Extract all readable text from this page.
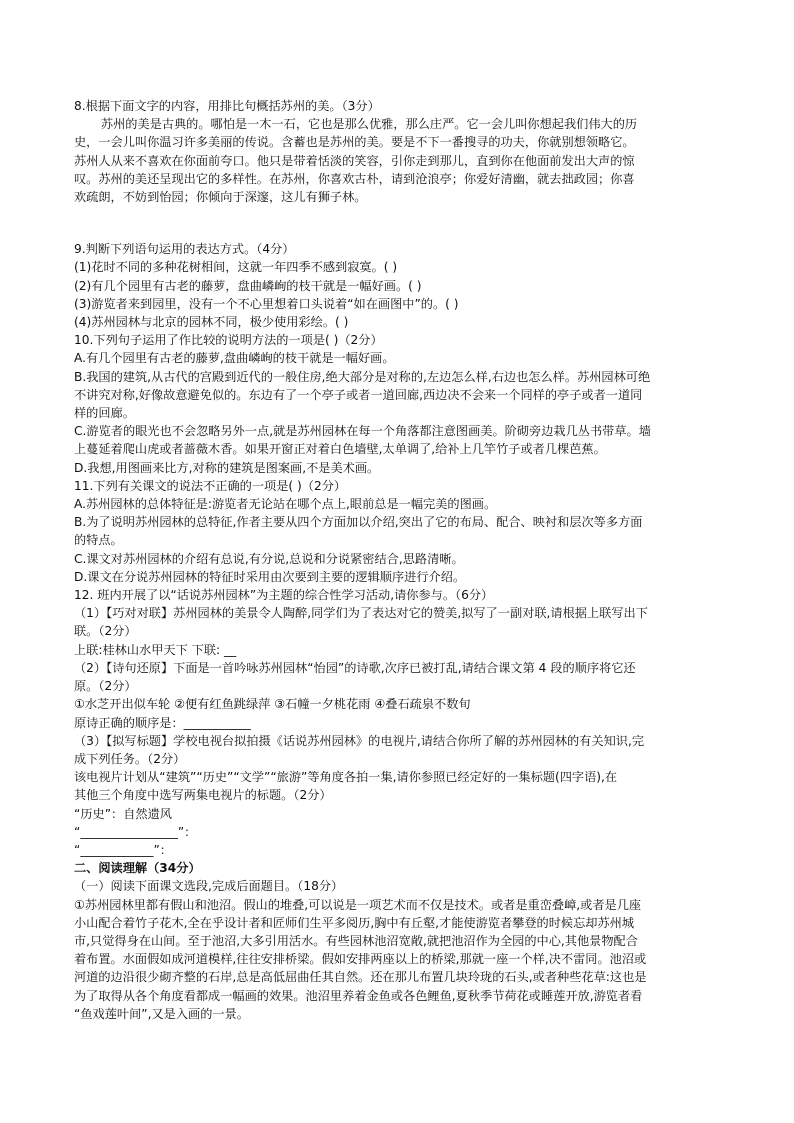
8.根据下面文字的内容，用排比句概括苏州的美。（3分）
苏州的美是古典的。哪怕是一木一石，它也是那么优雅，那么庄严。它一会儿叫你想起我们伟大的历
史，一会儿叫你温习许多美丽的传说。含蓄也是苏州的美。要是不下一番搜寻的功夫，你就别想领略它。
苏州人从来不喜欢在你面前夸口。他只是带着恬淡的笑容，引你走到那儿，直到你在他面前发出大声的惊
叹。苏州的美还呈现出它的多样性。在苏州，你喜欢古朴，请到沧浪亭；你爱好清幽，就去拙政园；你喜
欢疏朗，不妨到怡园；你倾向于深邃，这儿有狮子林。
9.判断下列语句运用的表达方式。（4分）
(1)花时不同的多种花树相间，这就一年四季不感到寂寞。( )
(2)有几个园里有古老的藤萝，盘曲嶙峋的枝干就是一幅好画。( )
(3)游览者来到园里，没有一个不心里想着口头说着“如在画图中”的。( )
(4)苏州园林与北京的园林不同，极少使用彩绘。( )
10.下列句子运用了作比较的说明方法的一项是( )（2分）
A.有几个园里有古老的藤萝,盘曲嶙峋的枝干就是一幅好画。
B.我国的建筑,从古代的宫殿到近代的一般住房,绝大部分是对称的,左边怎么样,右边也怎么样。苏州园林可绝
不讲究对称,好像故意避免似的。东边有了一个亭子或者一道回廊,西边决不会来一个同样的亭子或者一道同
样的回廊。
C.游览者的眼光也不会忽略另外一点,就是苏州园林在每一个角落都注意图画美。阶砌旁边栽几丛书带草。墙
上蔓延着爬山虎或者蔷薇木香。如果开窗正对着白色墙壁,太单调了,给补上几竿竹子或者几棵芭蕉。
D.我想,用图画来比方,对称的建筑是图案画,不是美术画。
11.下列有关课文的说法不正确的一项是( )（2分）
A.苏州园林的总体特征是:游览者无论站在哪个点上,眼前总是一幅完美的图画。
B.为了说明苏州园林的总特征,作者主要从四个方面加以介绍,突出了它的布局、配合、映衬和层次等多方面
的特点。
C.课文对苏州园林的介绍有总说,有分说,总说和分说紧密结合,思路清晰。
D.课文在分说苏州园林的特征时采用由次要到主要的逻辑顺序进行介绍。
12. 班内开展了以“话说苏州园林”为主题的综合性学习活动,请你参与。（6分）
（1）【巧对对联】苏州园林的美景令人陶醉,同学们为了表达对它的赞美,拟写了一副对联,请根据上联写出下
联。（2分）
上联:桂林山水甲天下 下联: __
（2）【诗句还原】下面是一首吟咏苏州园林“怡园”的诗歌,次序已被打乱,请结合课文第 4 段的顺序将它还
原。（2分）
①水芝开出似车轮 ②便有红鱼跳绿萍 ③石幢一夕桃花雨 ④叠石疏泉不数旬
原诗正确的顺序是：___________
（3）【拟写标题】学校电视台拟拍摄《话说苏州园林》的电视片,请结合你所了解的苏州园林的有关知识,完
成下列任务。（2分）
该电视片计划从“建筑”“历史”“文学”“旅游”等角度各拍一集,请你参照已经定好的一集标题(四字语),在
其他三个角度中选写两集电视片的标题。（2分）
“历史”：自然遗风
“________________”：
“____________”：
二、阅读理解（34分）
（一）阅读下面课文选段,完成后面题目。（18分）
①苏州园林里都有假山和池沼。假山的堆叠,可以说是一项艺术而不仅是技术。或者是重峦叠嶂,或者是几座
小山配合着竹子花木,全在乎设计者和匠师们生平多阅历,胸中有丘壑,才能使游览者攀登的时候忘却苏州城
市,只觉得身在山间。至于池沼,大多引用活水。有些园林池沼宽敞,就把池沼作为全园的中心,其他景物配合
着布置。水面假如成河道模样,往往安排桥梁。假如安排两座以上的桥梁,那就一座一个样,决不雷同。池沼或
河道的边沿很少砌齐整的石岸,总是高低屈曲任其自然。还在那儿布置几块玲珑的石头,或者种些花草:这也是
为了取得从各个角度看都成一幅画的效果。池沼里养着金鱼或各色鲤鱼,夏秋季节荷花或睡莲开放,游览者看
“鱼戏莲叶间”,又是入画的一景。
